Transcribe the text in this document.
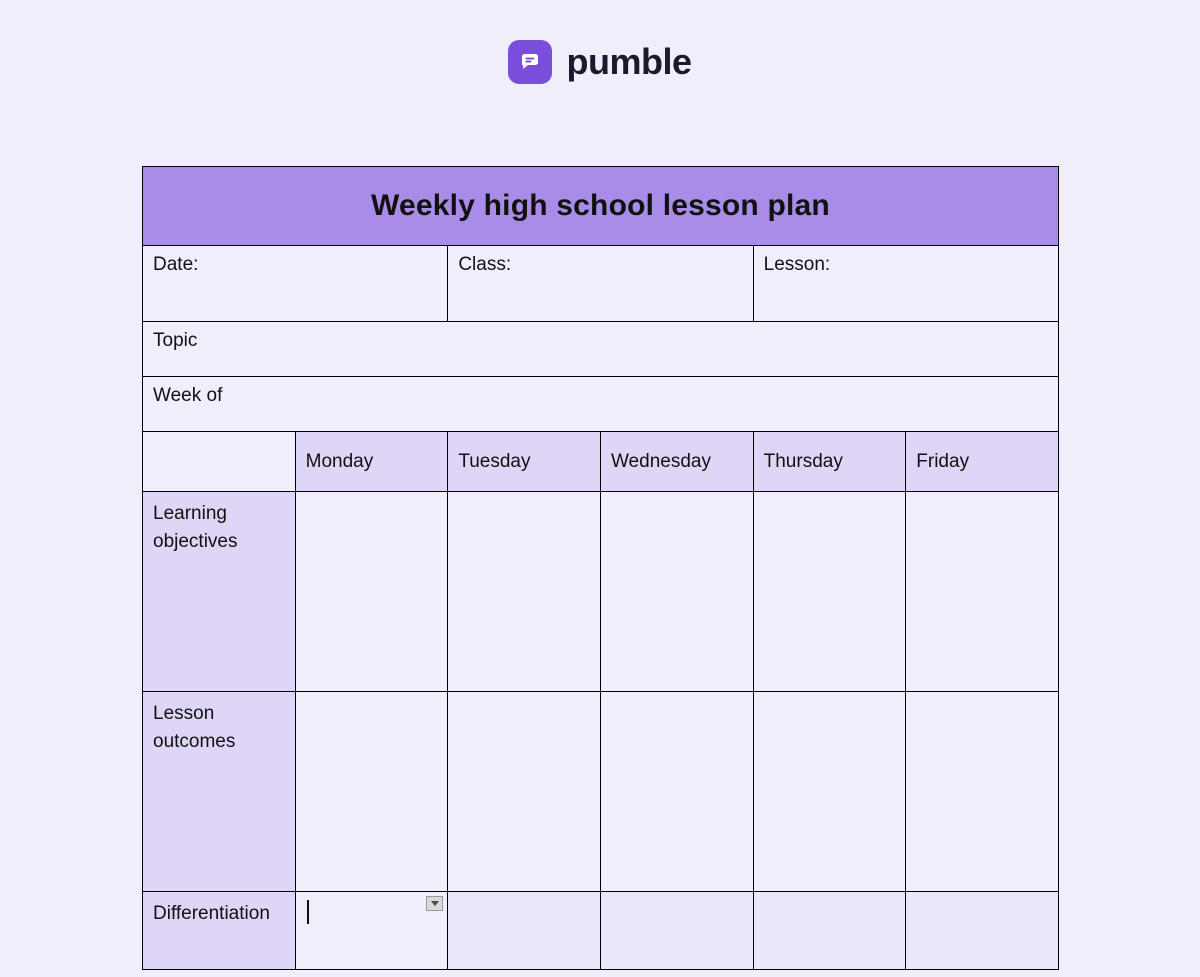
pumble
Weekly high school lesson plan					
Date:		Class:		Lesson:	
Topic					
Week of					
	Monday	Tuesday	Wednesday	Thursday	Friday
Learning objectives					
Lesson outcomes					
Differentiation	
